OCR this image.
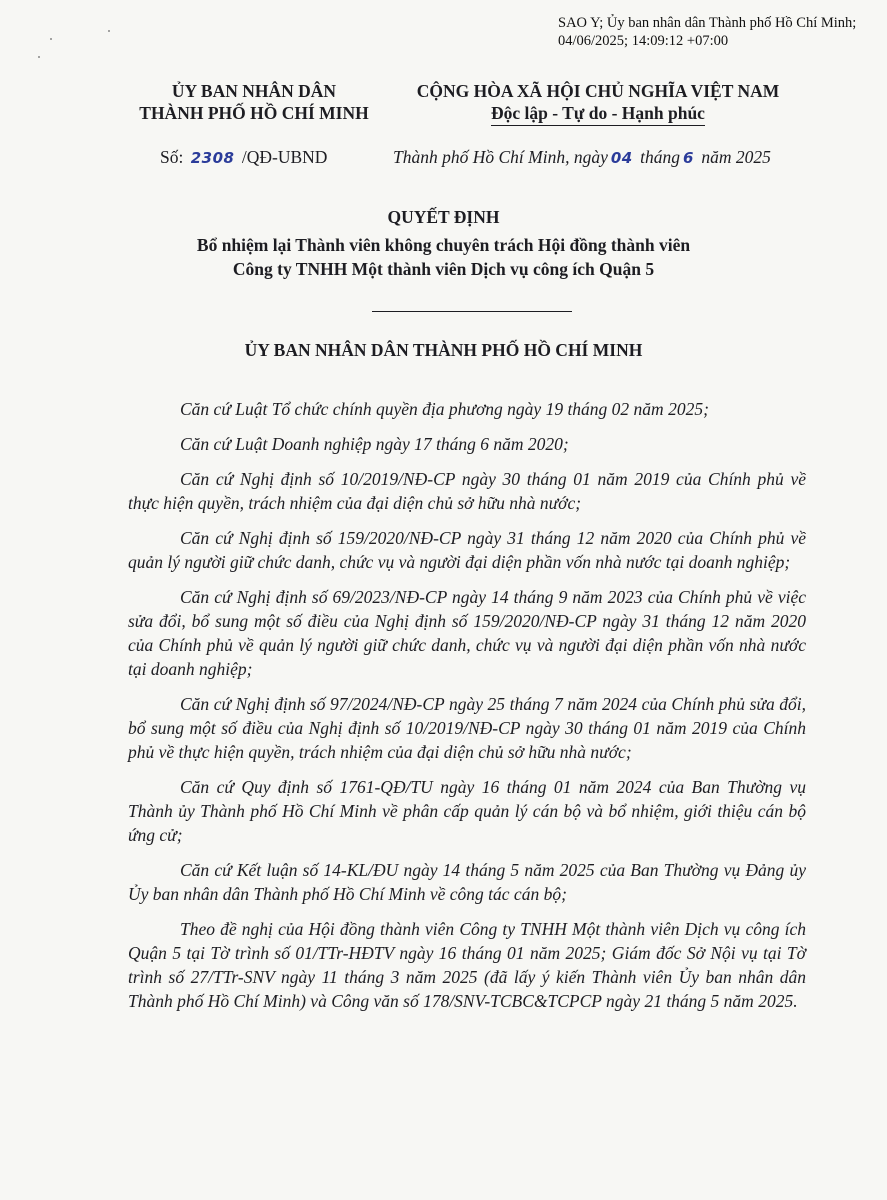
SAO Y; Ủy ban nhân dân Thành phố Hồ Chí Minh;
04/06/2025; 14:09:12 +07:00
ỦY BAN NHÂN DÂN
THÀNH PHỐ HỒ CHÍ MINH
CỘNG HÒA XÃ HỘI CHỦ NGHĨA VIỆT NAM
Độc lập - Tự do - Hạnh phúc
Số: 2308 /QĐ-UBND	Thành phố Hồ Chí Minh, ngày 04 tháng 6 năm 2025
QUYẾT ĐỊNH
Bổ nhiệm lại Thành viên không chuyên trách Hội đồng thành viên
Công ty TNHH Một thành viên Dịch vụ công ích Quận 5
ỦY BAN NHÂN DÂN THÀNH PHỐ HỒ CHÍ MINH

Căn cứ Luật Tổ chức chính quyền địa phương ngày 19 tháng 02 năm 2025;

Căn cứ Luật Doanh nghiệp ngày 17 tháng 6 năm 2020;

Căn cứ Nghị định số 10/2019/NĐ-CP ngày 30 tháng 01 năm 2019 của Chính phủ về thực hiện quyền, trách nhiệm của đại diện chủ sở hữu nhà nước;

Căn cứ Nghị định số 159/2020/NĐ-CP ngày 31 tháng 12 năm 2020 của Chính phủ về quản lý người giữ chức danh, chức vụ và người đại diện phần vốn nhà nước tại doanh nghiệp;

Căn cứ Nghị định số 69/2023/NĐ-CP ngày 14 tháng 9 năm 2023 của Chính phủ về việc sửa đổi, bổ sung một số điều của Nghị định số 159/2020/NĐ-CP ngày 31 tháng 12 năm 2020 của Chính phủ về quản lý người giữ chức danh, chức vụ và người đại diện phần vốn nhà nước tại doanh nghiệp;

Căn cứ Nghị định số 97/2024/NĐ-CP ngày 25 tháng 7 năm 2024 của Chính phủ sửa đổi, bổ sung một số điều của Nghị định số 10/2019/NĐ-CP ngày 30 tháng 01 năm 2019 của Chính phủ về thực hiện quyền, trách nhiệm của đại diện chủ sở hữu nhà nước;

Căn cứ Quy định số 1761-QĐ/TU ngày 16 tháng 01 năm 2024 của Ban Thường vụ Thành ủy Thành phố Hồ Chí Minh về phân cấp quản lý cán bộ và bổ nhiệm, giới thiệu cán bộ ứng cử;

Căn cứ Kết luận số 14-KL/ĐU ngày 14 tháng 5 năm 2025 của Ban Thường vụ Đảng ủy Ủy ban nhân dân Thành phố Hồ Chí Minh về công tác cán bộ;

Theo đề nghị của Hội đồng thành viên Công ty TNHH Một thành viên Dịch vụ công ích Quận 5 tại Tờ trình số 01/TTr-HĐTV ngày 16 tháng 01 năm 2025; Giám đốc Sở Nội vụ tại Tờ trình số 27/TTr-SNV ngày 11 tháng 3 năm 2025 (đã lấy ý kiến Thành viên Ủy ban nhân dân Thành phố Hồ Chí Minh) và Công văn số 178/SNV-TCBC&TCPCP ngày 21 tháng 5 năm 2025.
